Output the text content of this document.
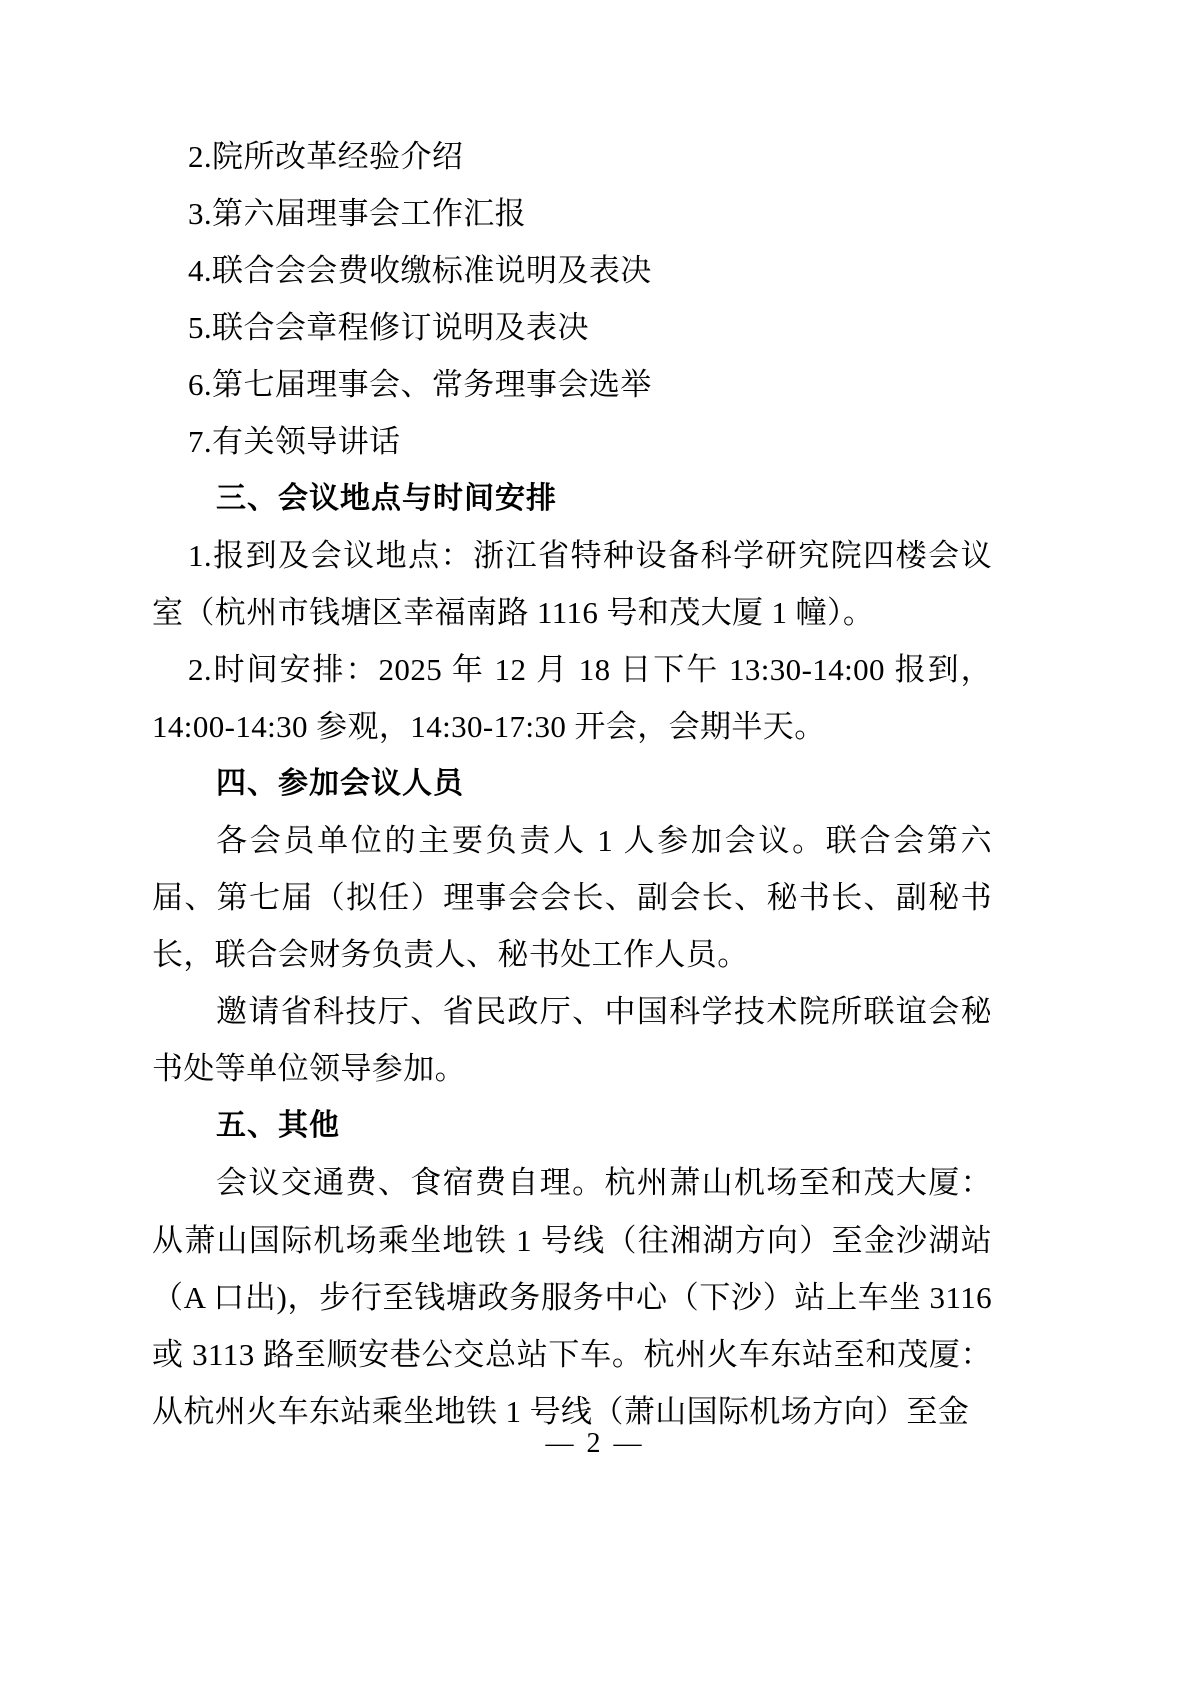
2.院所改革经验介绍

3.第六届理事会工作汇报

4.联合会会费收缴标准说明及表决

5.联合会章程修订说明及表决

6.第七届理事会、常务理事会选举

7.有关领导讲话

三、会议地点与时间安排

1.报到及会议地点：浙江省特种设备科学研究院四楼会议室（杭州市钱塘区幸福南路 1116 号和茂大厦 1 幢）。

2.时间安排：2025 年 12 月 18 日下午 13:30-14:00 报到，14:00-14:30 参观，14:30-17:30 开会，会期半天。

四、参加会议人员

各会员单位的主要负责人 1 人参加会议。联合会第六届、第七届（拟任）理事会会长、副会长、秘书长、副秘书长，联合会财务负责人、秘书处工作人员。

邀请省科技厅、省民政厅、中国科学技术院所联谊会秘书处等单位领导参加。

五、其他

会议交通费、食宿费自理。杭州萧山机场至和茂大厦：从萧山国际机场乘坐地铁 1 号线（往湘湖方向）至金沙湖站（A 口出)，步行至钱塘政务服务中心（下沙）站上车坐 3116 或 3113 路至顺安巷公交总站下车。杭州火车东站至和茂厦：从杭州火车东站乘坐地铁 1 号线（萧山国际机场方向）至金

— 2 —
